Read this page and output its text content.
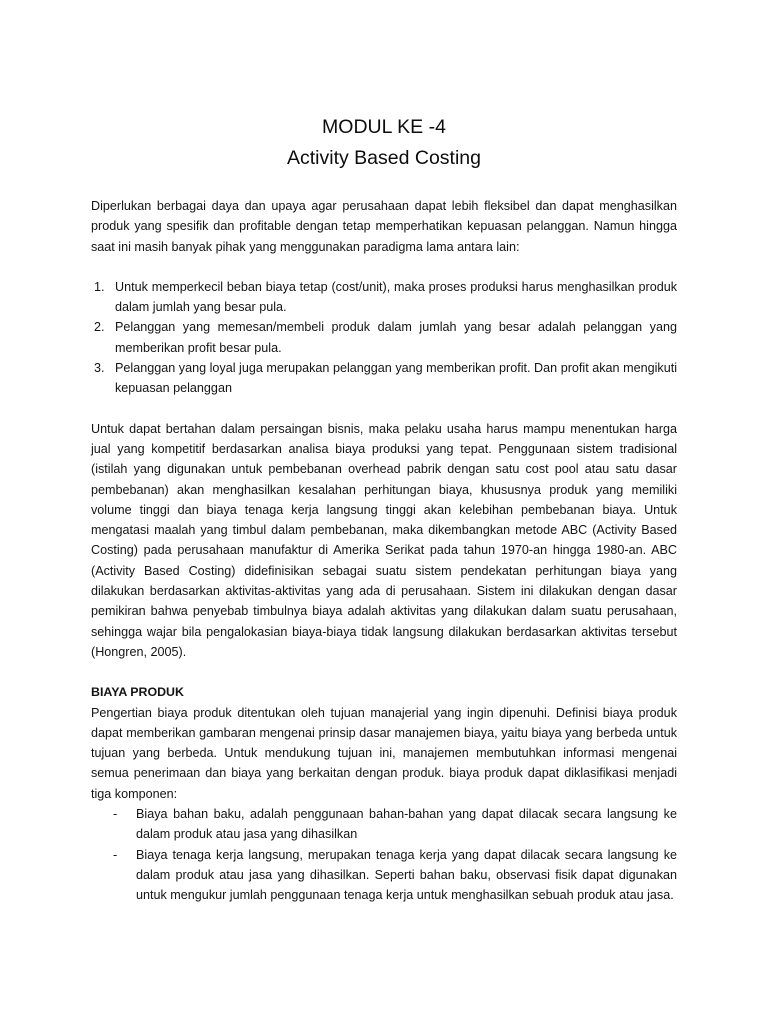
MODUL KE -4
Activity Based Costing

Diperlukan berbagai daya dan upaya agar perusahaan dapat lebih fleksibel dan dapat menghasilkan produk yang spesifik dan profitable dengan tetap memperhatikan kepuasan pelanggan. Namun hingga saat ini masih banyak pihak yang menggunakan paradigma lama antara lain:

1. Untuk memperkecil beban biaya tetap (cost/unit), maka proses produksi harus menghasilkan produk dalam jumlah yang besar pula.
2. Pelanggan yang memesan/membeli produk dalam jumlah yang besar adalah pelanggan yang memberikan profit besar pula.
3. Pelanggan yang loyal juga merupakan pelanggan yang memberikan profit. Dan profit akan mengikuti kepuasan pelanggan

Untuk dapat bertahan dalam persaingan bisnis, maka pelaku usaha harus mampu menentukan harga jual yang kompetitif berdasarkan analisa biaya produksi yang tepat. Penggunaan sistem tradisional (istilah yang digunakan untuk pembebanan overhead pabrik dengan satu cost pool atau satu dasar pembebanan) akan menghasilkan kesalahan perhitungan biaya, khususnya produk yang memiliki volume tinggi dan biaya tenaga kerja langsung tinggi akan kelebihan pembebanan biaya. Untuk mengatasi maalah yang timbul dalam pembebanan, maka dikembangkan metode ABC (Activity Based Costing) pada perusahaan manufaktur di Amerika Serikat pada tahun 1970-an hingga 1980-an. ABC (Activity Based Costing) didefinisikan sebagai suatu sistem pendekatan perhitungan biaya yang dilakukan berdasarkan aktivitas-aktivitas yang ada di perusahaan. Sistem ini dilakukan dengan dasar pemikiran bahwa penyebab timbulnya biaya adalah aktivitas yang dilakukan dalam suatu perusahaan, sehingga wajar bila pengalokasian biaya-biaya tidak langsung dilakukan berdasarkan aktivitas tersebut (Hongren, 2005).

BIAYA PRODUK

Pengertian biaya produk ditentukan oleh tujuan manajerial yang ingin dipenuhi. Definisi biaya produk dapat memberikan gambaran mengenai prinsip dasar manajemen biaya, yaitu biaya yang berbeda untuk tujuan yang berbeda. Untuk mendukung tujuan ini, manajemen membutuhkan informasi mengenai semua penerimaan dan biaya yang berkaitan dengan produk. biaya produk dapat diklasifikasi menjadi tiga komponen:

- Biaya bahan baku, adalah penggunaan bahan-bahan yang dapat dilacak secara langsung ke dalam produk atau jasa yang dihasilkan
- Biaya tenaga kerja langsung, merupakan tenaga kerja yang dapat dilacak secara langsung ke dalam produk atau jasa yang dihasilkan. Seperti bahan baku, observasi fisik dapat digunakan untuk mengukur jumlah penggunaan tenaga kerja untuk menghasilkan sebuah produk atau jasa.
